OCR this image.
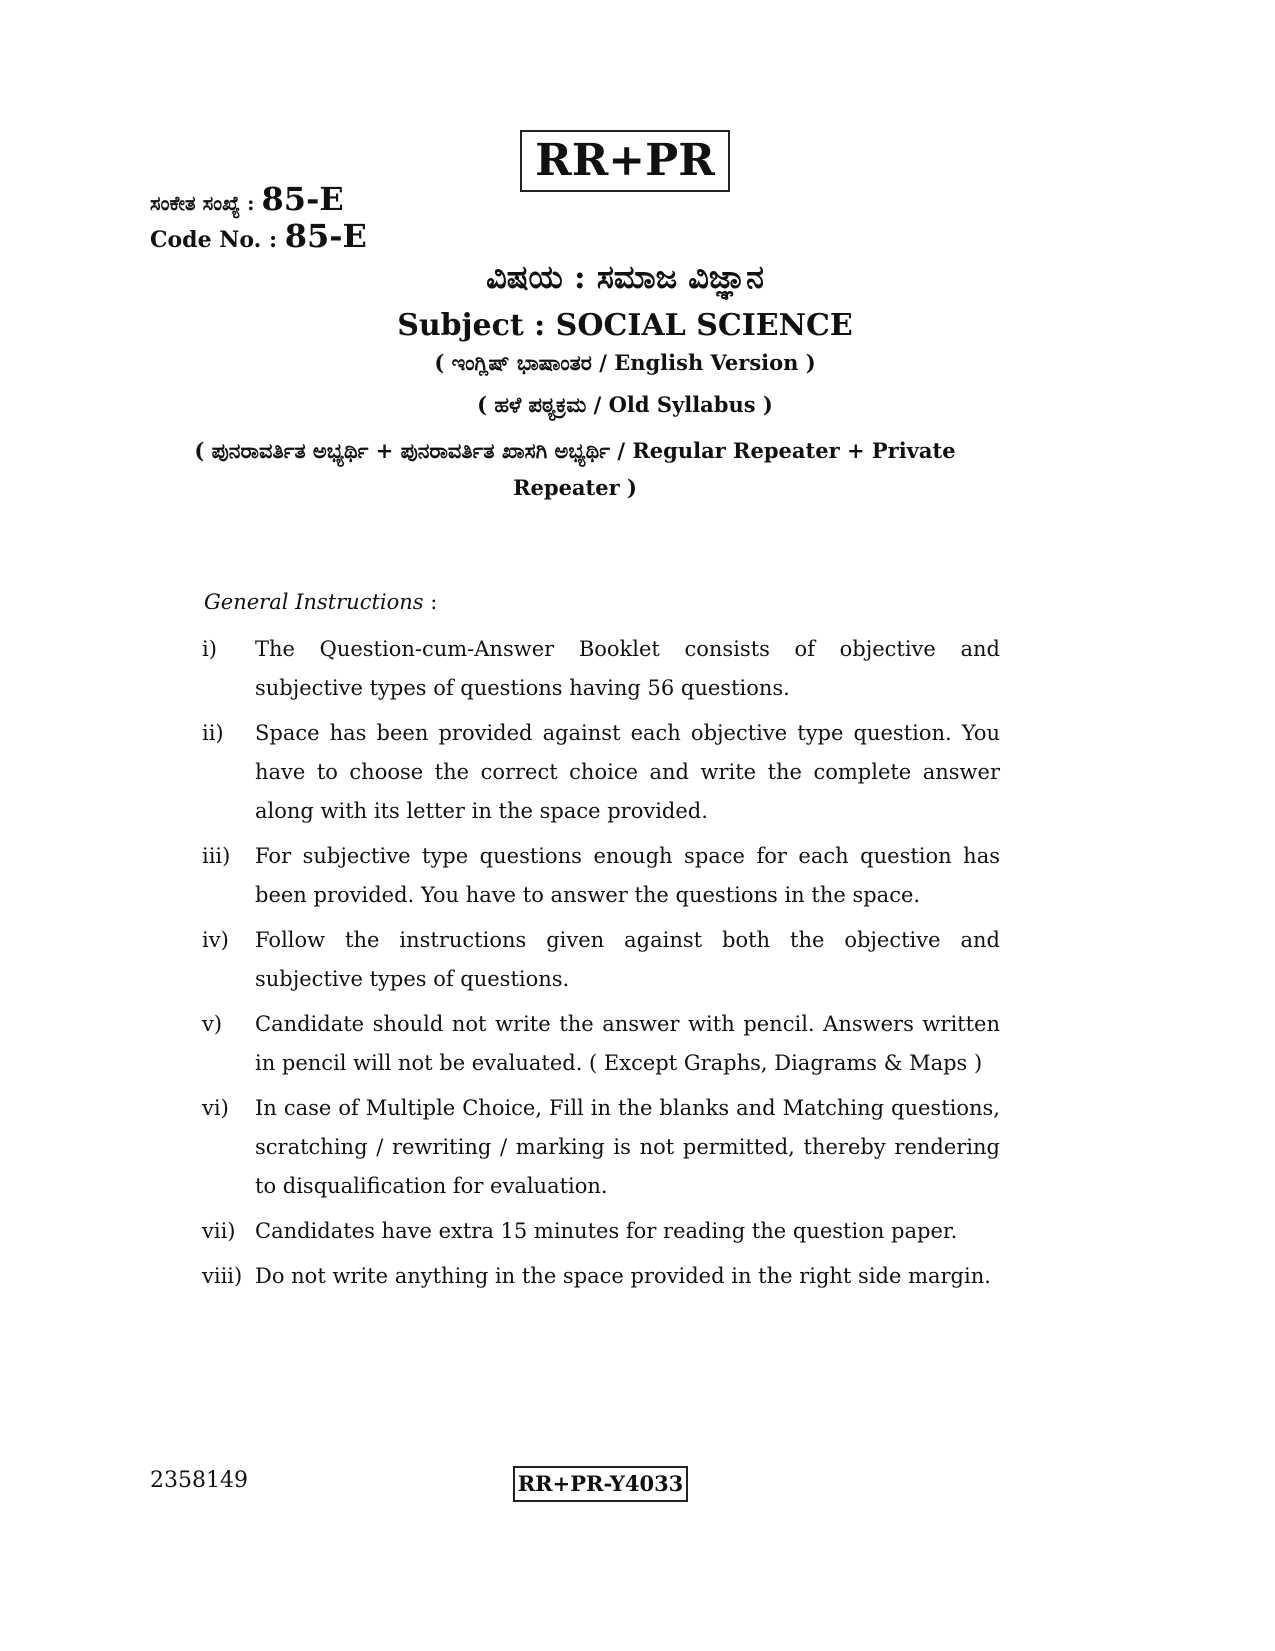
RR+PR
ಸಂಕೇತ ಸಂಖ್ಯೆ : 85-E
Code No. : 85-E
ವಿಷಯ : ಸಮಾಜ ವಿಜ್ಞಾನ
Subject : SOCIAL SCIENCE
( ಇಂಗ್ಲಿಷ್ ಭಾಷಾಂತರ / English Version )
( ಹಳೆ ಪಠ್ಯಕ್ರಮ / Old Syllabus )
( ಪುನರಾವರ್ತಿತ ಅಭ್ಯರ್ಥಿ + ಪುನರಾವರ್ತಿತ ಖಾಸಗಿ ಅಭ್ಯರ್ಥಿ / Regular Repeater + Private Repeater )
General Instructions :
i)	The Question-cum-Answer Booklet consists of objective and subjective types of questions having 56 questions.
ii)	Space has been provided against each objective type question. You have to choose the correct choice and write the complete answer along with its letter in the space provided.
iii)	For subjective type questions enough space for each question has been provided. You have to answer the questions in the space.
iv)	Follow the instructions given against both the objective and subjective types of questions.
v)	Candidate should not write the answer with pencil. Answers written in pencil will not be evaluated. ( Except Graphs, Diagrams & Maps )
vi)	In case of Multiple Choice, Fill in the blanks and Matching questions, scratching / rewriting / marking is not permitted, thereby rendering to disqualification for evaluation.
vii) Candidates have extra 15 minutes for reading the question paper.
viii) Do not write anything in the space provided in the right side margin.
2358149	RR+PR-Y4033
